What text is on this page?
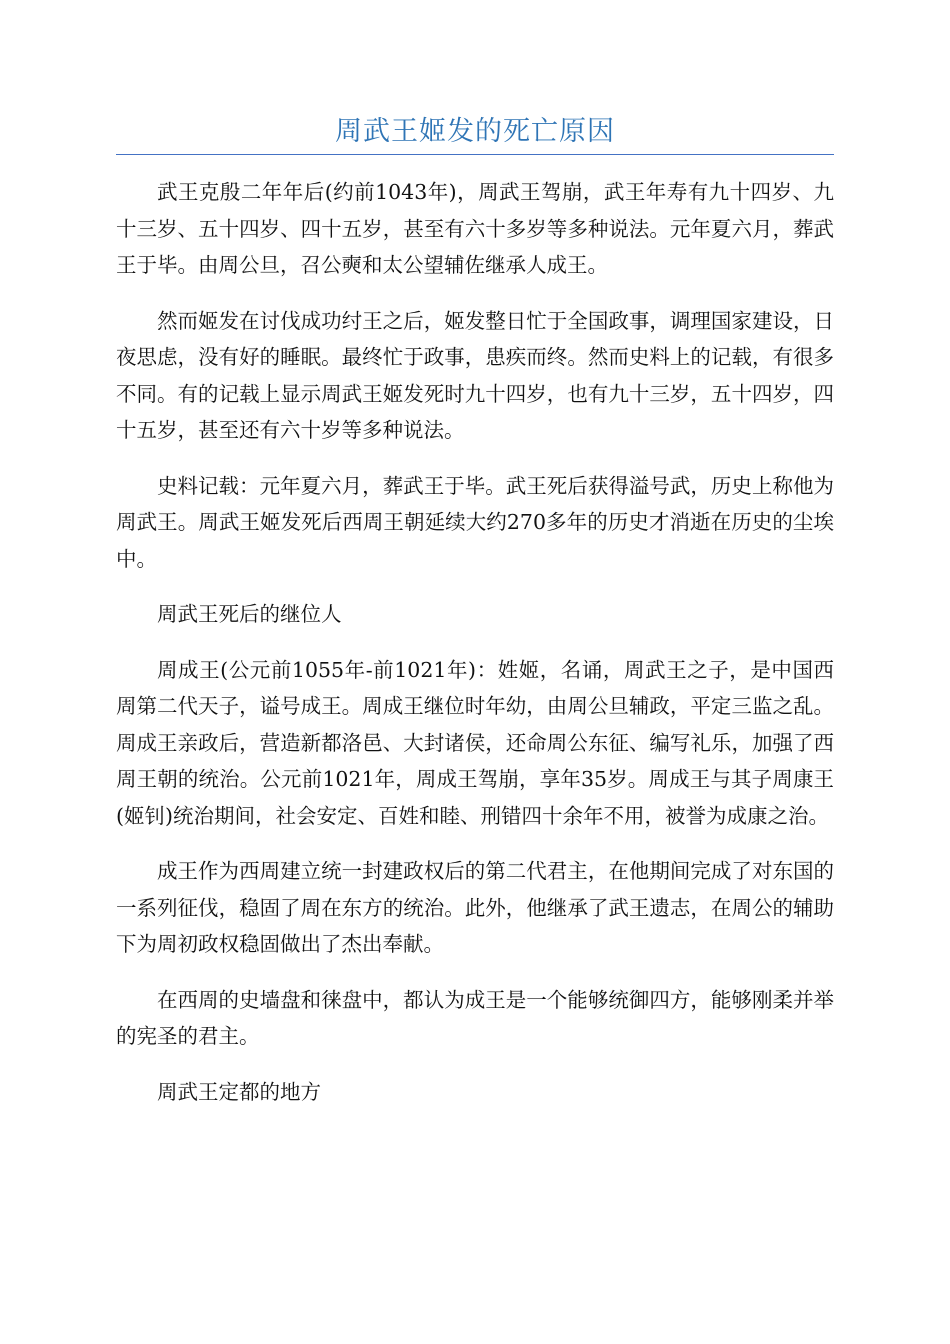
周武王姬发的死亡原因

武王克殷二年年后(约前1043年)，周武王驾崩，武王年寿有九十四岁、九十三岁、五十四岁、四十五岁，甚至有六十多岁等多种说法。元年夏六月，葬武王于毕。由周公旦，召公奭和太公望辅佐继承人成王。

然而姬发在讨伐成功纣王之后，姬发整日忙于全国政事，调理国家建设，日夜思虑，没有好的睡眠。最终忙于政事，患疾而终。然而史料上的记载，有很多不同。有的记载上显示周武王姬发死时九十四岁，也有九十三岁，五十四岁，四十五岁，甚至还有六十岁等多种说法。

史料记载：元年夏六月，葬武王于毕。武王死后获得溢号武，历史上称他为周武王。周武王姬发死后西周王朝延续大约270多年的历史才消逝在历史的尘埃中。

周武王死后的继位人

周成王(公元前1055年-前1021年)：姓姬，名诵，周武王之子，是中国西周第二代天子，谥号成王。周成王继位时年幼，由周公旦辅政，平定三监之乱。周成王亲政后，营造新都洛邑、大封诸侯，还命周公东征、编写礼乐，加强了西周王朝的统治。公元前1021年，周成王驾崩，享年35岁。周成王与其子周康王(姬钊)统治期间，社会安定、百姓和睦、刑错四十余年不用，被誉为成康之治。

成王作为西周建立统一封建政权后的第二代君主，在他期间完成了对东国的一系列征伐，稳固了周在东方的统治。此外，他继承了武王遗志，在周公的辅助下为周初政权稳固做出了杰出奉献。

在西周的史墙盘和徕盘中，都认为成王是一个能够统御四方，能够刚柔并举的宪圣的君主。

周武王定都的地方
